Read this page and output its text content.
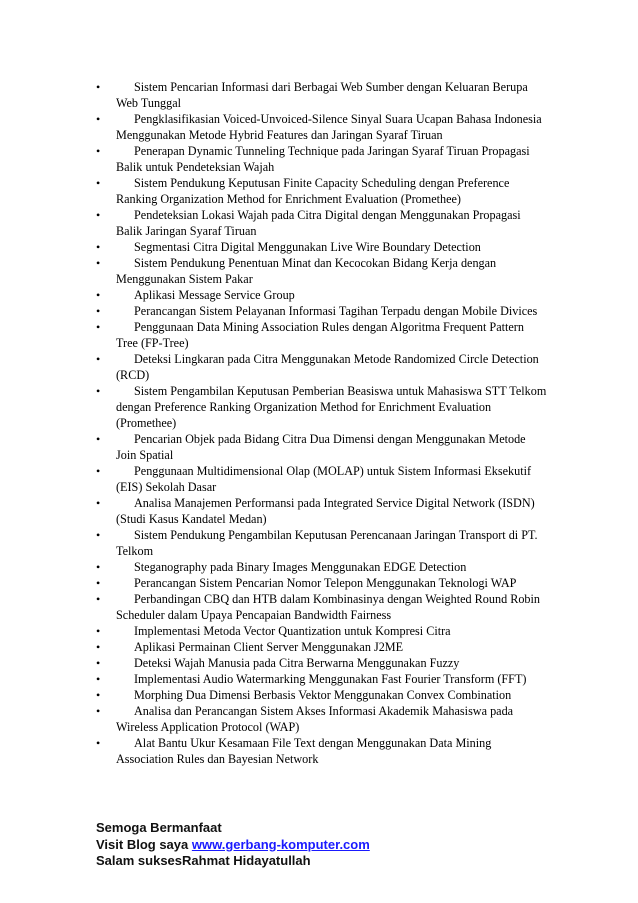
•	Sistem Pencarian Informasi dari Berbagai Web Sumber dengan Keluaran Berupa Web Tunggal
•	Pengklasifikasian Voiced-Unvoiced-Silence Sinyal Suara Ucapan Bahasa Indonesia Menggunakan Metode Hybrid Features dan Jaringan Syaraf Tiruan
•	Penerapan Dynamic Tunneling Technique pada Jaringan Syaraf Tiruan Propagasi Balik untuk Pendeteksian Wajah
•	Sistem Pendukung Keputusan Finite Capacity Scheduling dengan Preference Ranking Organization Method for Enrichment Evaluation (Promethee)
•	Pendeteksian Lokasi Wajah pada Citra Digital dengan Menggunakan Propagasi Balik Jaringan Syaraf Tiruan
•	Segmentasi Citra Digital Menggunakan Live Wire Boundary Detection
•	Sistem Pendukung Penentuan Minat dan Kecocokan Bidang Kerja dengan Menggunakan Sistem Pakar
•	Aplikasi Message Service Group
•	Perancangan Sistem Pelayanan Informasi Tagihan Terpadu dengan Mobile Divices
•	Penggunaan Data Mining Association Rules dengan Algoritma Frequent Pattern Tree (FP-Tree)
•	Deteksi Lingkaran pada Citra Menggunakan Metode Randomized Circle Detection (RCD)
•	Sistem Pengambilan Keputusan Pemberian Beasiswa untuk Mahasiswa STT Telkom dengan Preference Ranking Organization Method for Enrichment Evaluation (Promethee)
•	Pencarian Objek pada Bidang Citra Dua Dimensi dengan Menggunakan Metode Join Spatial
•	Penggunaan Multidimensional Olap (MOLAP) untuk Sistem Informasi Eksekutif (EIS) Sekolah Dasar
•	Analisa Manajemen Performansi pada Integrated Service Digital Network (ISDN) (Studi Kasus Kandatel Medan)
•	Sistem Pendukung Pengambilan Keputusan Perencanaan Jaringan Transport di PT. Telkom
•	Steganography pada Binary Images Menggunakan EDGE Detection
•	Perancangan Sistem Pencarian Nomor Telepon Menggunakan Teknologi WAP
•	Perbandingan CBQ dan HTB dalam Kombinasinya dengan Weighted Round Robin Scheduler dalam Upaya Pencapaian Bandwidth Fairness
•	Implementasi Metoda Vector Quantization untuk Kompresi Citra
•	Aplikasi Permainan Client Server Menggunakan J2ME
•	Deteksi Wajah Manusia pada Citra Berwarna Menggunakan Fuzzy
•	Implementasi Audio Watermarking Menggunakan Fast Fourier Transform (FFT)
•	Morphing Dua Dimensi Berbasis Vektor Menggunakan Convex Combination
•	Analisa dan Perancangan Sistem Akses Informasi Akademik Mahasiswa pada Wireless Application Protocol (WAP)
•	Alat Bantu Ukur Kesamaan File Text dengan Menggunakan Data Mining Association Rules dan Bayesian Network
Semoga Bermanfaat
Visit Blog saya www.gerbang-komputer.com
Salam suksesRahmat Hidayatullah
